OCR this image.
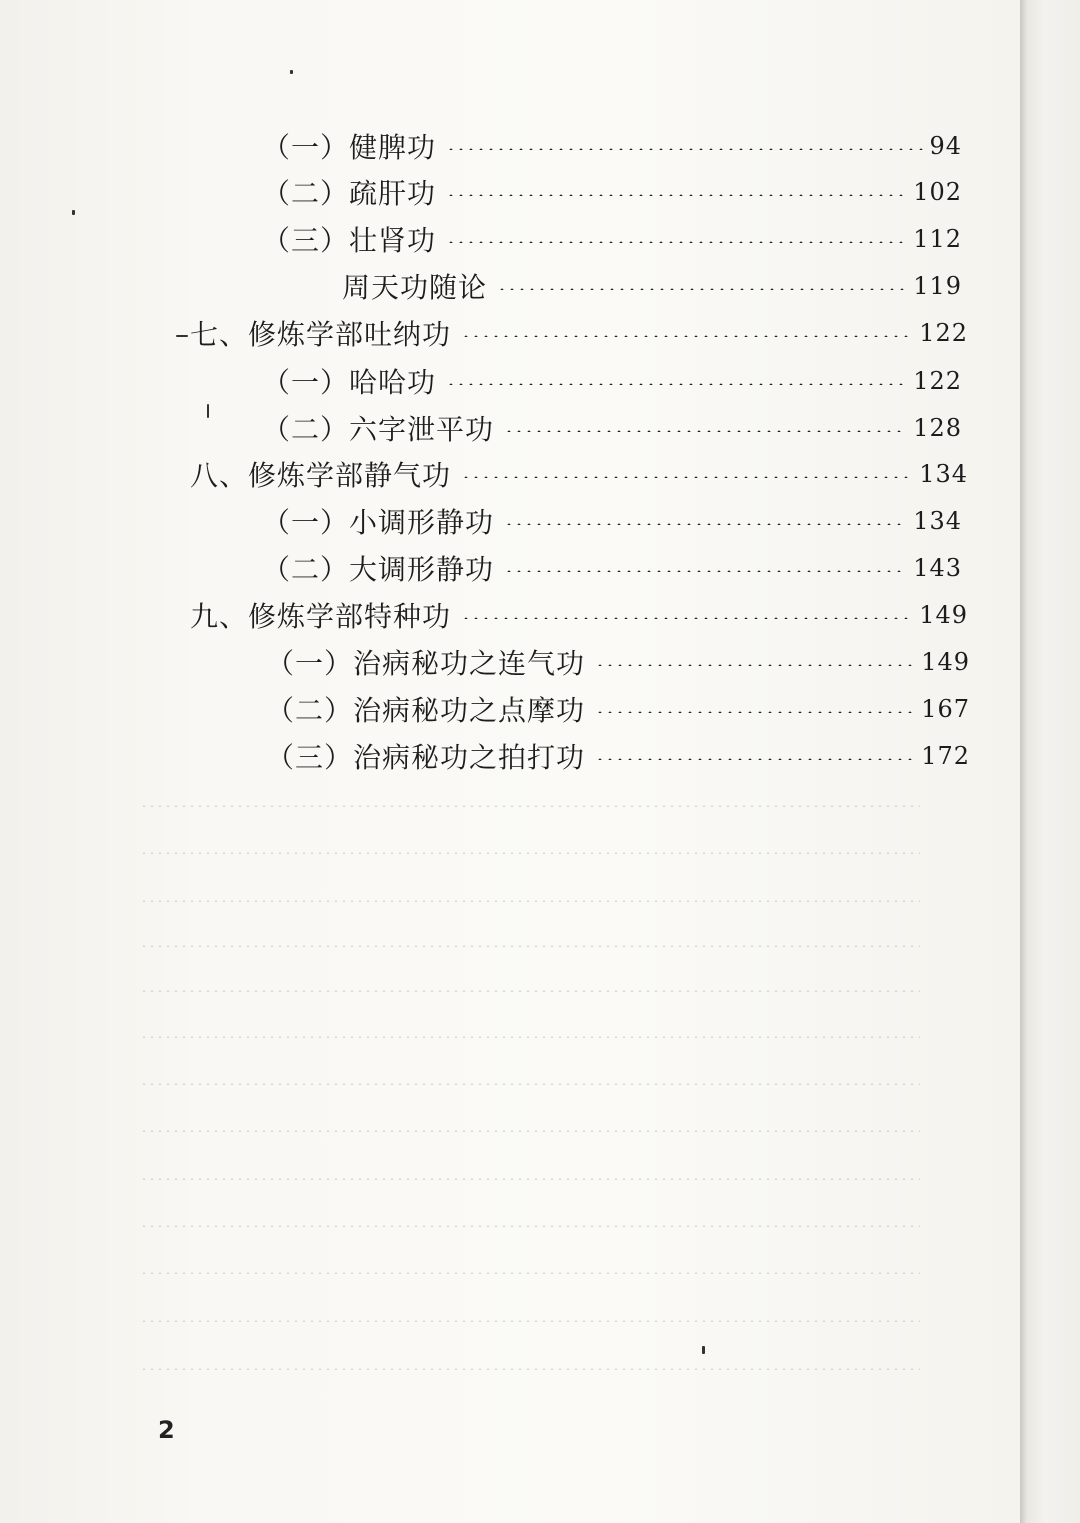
（一）健脾功	94
（二）疏肝功	102
（三）壮肾功	112
周天功随论	119
七、修炼学部吐纳功	122
（一）哈哈功	122
（二）六字泄平功	128
八、修炼学部静气功	134
（一）小调形静功	134
（二）大调形静功	143
九、修炼学部特种功	149
（一）治病秘功之连气功	149
（二）治病秘功之点摩功	167
（三）治病秘功之拍打功	172
2
